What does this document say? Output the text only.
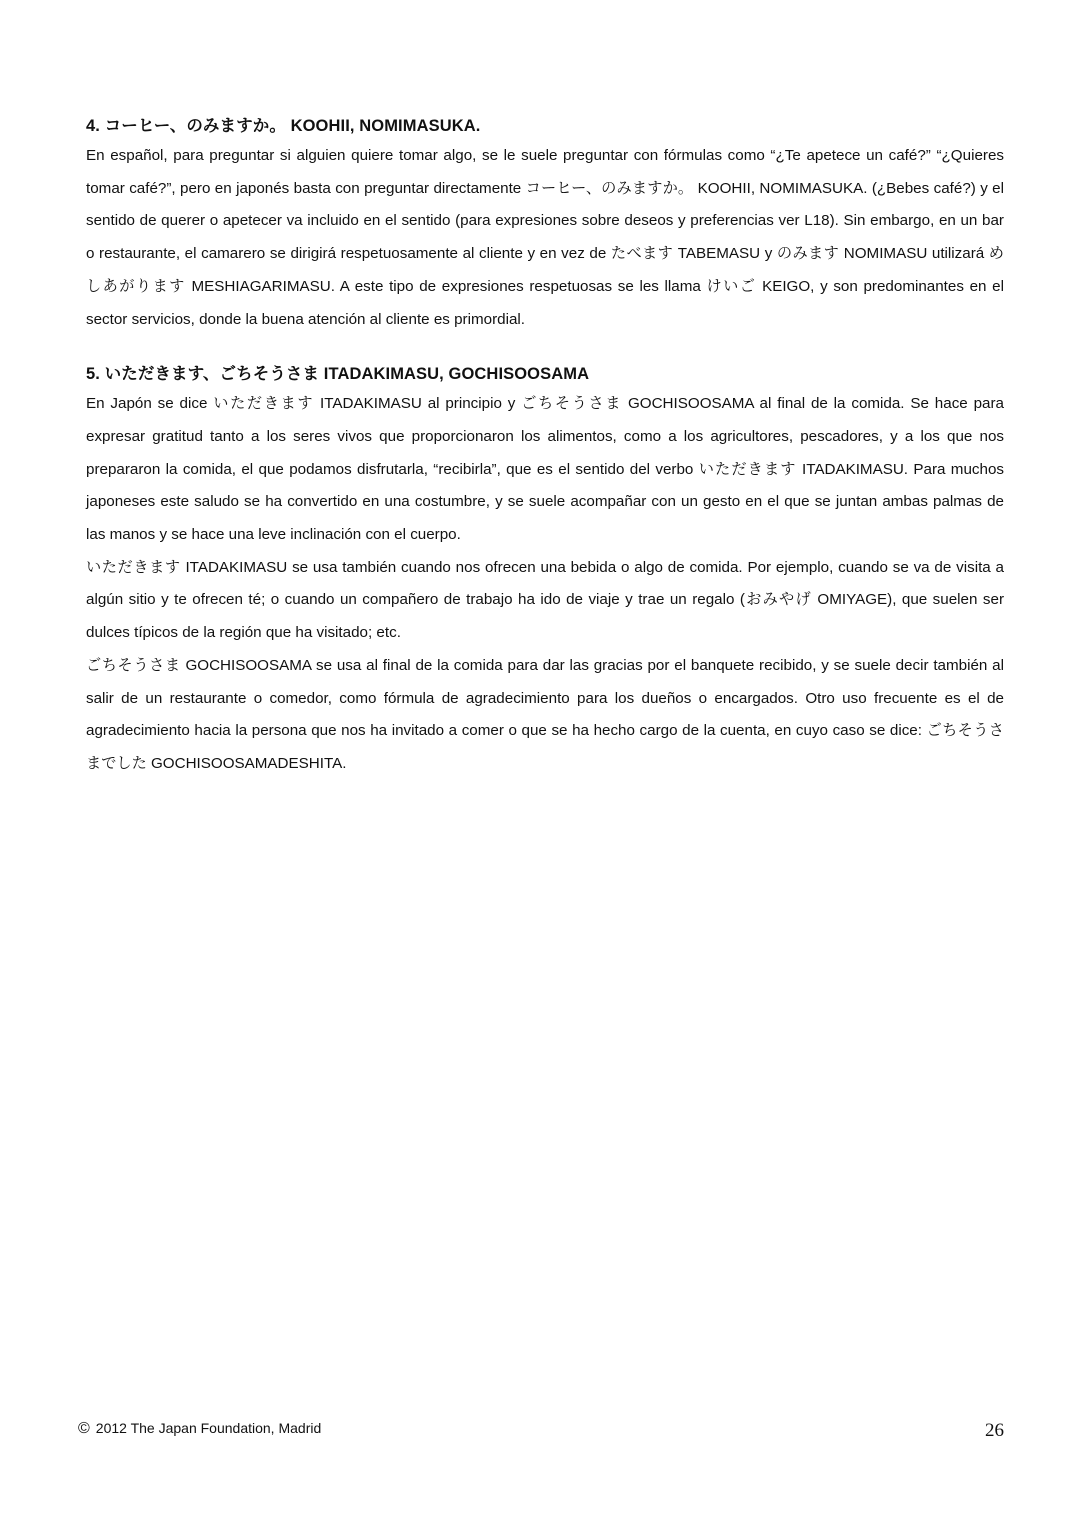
4. コーヒー、のみますか。 KOOHII, NOMIMASUKA.

En español, para preguntar si alguien quiere tomar algo, se le suele preguntar con fórmulas como “¿Te apetece un café?” “¿Quieres tomar café?”, pero en japonés basta con preguntar directamente コーヒー、のみますか。 KOOHII, NOMIMASUKA. (¿Bebes café?) y el sentido de querer o apetecer va incluido en el sentido (para expresiones sobre deseos y preferencias ver L18). Sin embargo, en un bar o restaurante, el camarero se dirigirá respetuosamente al cliente y en vez de たべます TABEMASU y のみます NOMIMASU utilizará めしあがります MESHIAGARIMASU. A este tipo de expresiones respetuosas se les llama けいご KEIGO, y son predominantes en el sector servicios, donde la buena atención al cliente es primordial.

5. いただきます、ごちそうさま ITADAKIMASU, GOCHISOOSAMA

En Japón se dice いただきます ITADAKIMASU al principio y ごちそうさま GOCHISOOSAMA al final de la comida. Se hace para expresar gratitud tanto a los seres vivos que proporcionaron los alimentos, como a los agricultores, pescadores, y a los que nos prepararon la comida, el que podamos disfrutarla, “recibirla”, que es el sentido del verbo いただきます ITADAKIMASU. Para muchos japoneses este saludo se ha convertido en una costumbre, y se suele acompañar con un gesto en el que se juntan ambas palmas de las manos y se hace una leve inclinación con el cuerpo.

いただきます ITADAKIMASU se usa también cuando nos ofrecen una bebida o algo de comida. Por ejemplo, cuando se va de visita a algún sitio y te ofrecen té; o cuando un compañero de trabajo ha ido de viaje y trae un regalo (おみやげ OMIYAGE), que suelen ser dulces típicos de la región que ha visitado; etc.

ごちそうさま GOCHISOOSAMA se usa al final de la comida para dar las gracias por el banquete recibido, y se suele decir también al salir de un restaurante o comedor, como fórmula de agradecimiento para los dueños o encargados. Otro uso frecuente es el de agradecimiento hacia la persona que nos ha invitado a comer o que se ha hecho cargo de la cuenta, en cuyo caso se dice: ごちそうさまでした GOCHISOOSAMADESHITA.

© 2012 The Japan Foundation, Madrid	26
